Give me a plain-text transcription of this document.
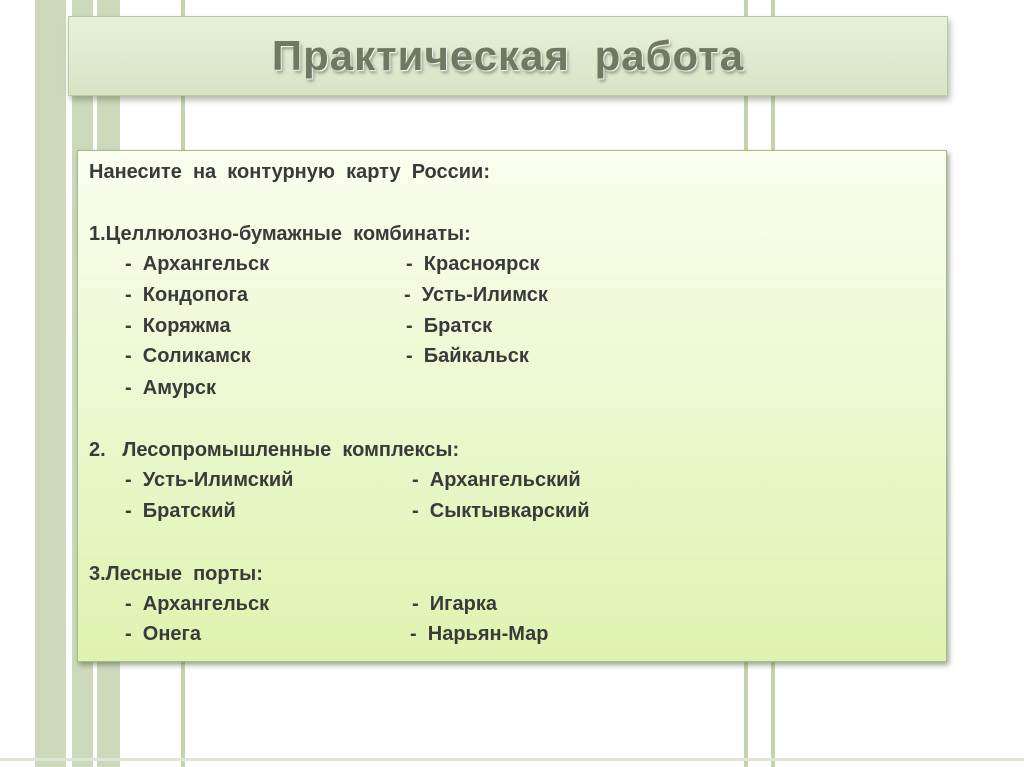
Практическая работа
Нанесите  на  контурную  карту  России:
1.Целлюлозно-бумажные  комбинаты:
-  Архангельск	-  Красноярск
-  Кондопога	-  Усть-Илимск
-  Коряжма	-  Братск
-  Соликамск	-  Байкальск
-  Амурск
2.   Лесопромышленные  комплексы:
-  Усть-Илимский	-  Архангельский
-  Братский	-  Сыктывкарский
3.Лесные  порты:
-  Архангельск	-  Игарка
-  Онега	-  Нарьян-Мар
